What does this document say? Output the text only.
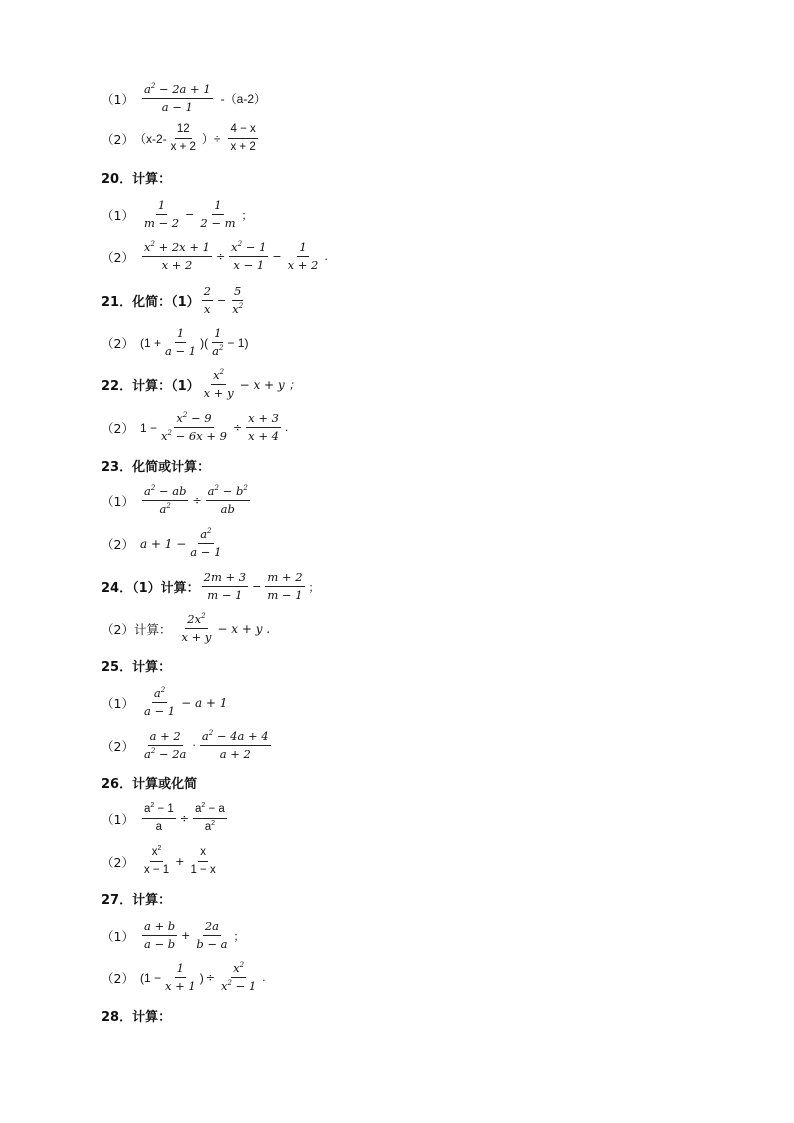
$(1) \frac{a^2 - 2a + 1}{a - 1} -(a-2)$
（2） （$x-2- \frac{12}{x + 2}$ ）÷ $\frac{4 - x}{x + 2}$
20．计算：
$(1) \frac{1}{m - 2} - \frac{1}{2 - m}$ ；
$(2) \frac{x^2 + 2x + 1}{x + 2} \div \frac{x^2 - 1}{x - 1} - \frac{1}{x + 2}$ .
21．化简：$(1) \frac{2}{x} - \frac{5}{x^2}$
（2） ($1 + \frac{1}{a - 1}$ )( $\frac{1}{a^2} - 1$)
22．计算：$(1) \frac{x^2}{x + y} - x + y$ ；
（2） $1 - \frac{x^2 - 9}{x^2 - 6x + 9} \div \frac{x + 3}{x + 4}$ .
23．化简或计算：
$(1) \frac{a^2 - ab}{a^2} \div \frac{a^2 - b^2}{ab}$
（2） $a + 1 - \frac{a^2}{a - 1}$
24．（1）计算： $\frac{2m + 3}{m - 1} - \frac{m + 2}{m - 1}$ ；
（2）计算： $\frac{2x^2}{x + y} - x + y$ .
25．计算：
$(1) \frac{a^2}{a - 1} - a + 1$
$(2) \frac{a + 2}{a^2 - 2a} \cdot \frac{a^2 - 4a + 4}{a + 2}$
26．计算或化简
$(1) \frac{a^2 - 1}{a} \div \frac{a^2 - a}{a^2}$
$(2) \frac{x^2}{x - 1} + \frac{x}{1 - x}$
27．计算：
$(1) \frac{a + b}{a - b} + \frac{2a}{b - a}$ ；
（2） ($1 - \frac{1}{x + 1}$ ) ÷ $\frac{x^2}{x^2 - 1}$ .
28．计算：
